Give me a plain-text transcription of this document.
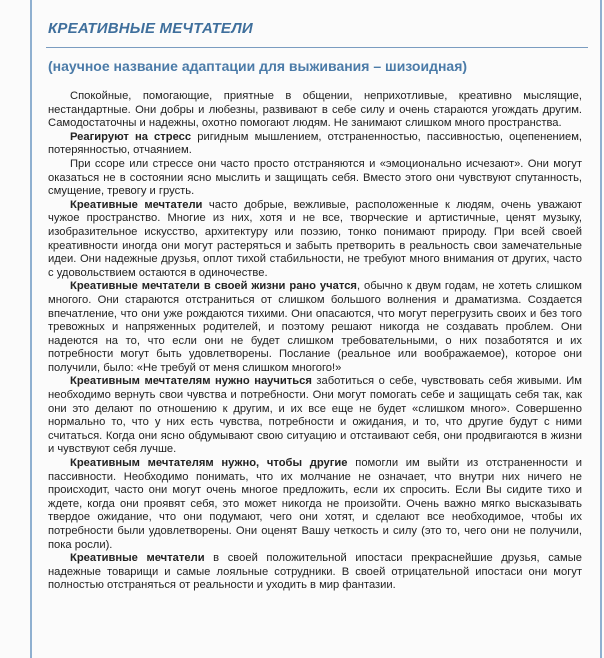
КРЕАТИВНЫЕ МЕЧТАТЕЛИ
(научное название адаптации для выживания – шизоидная)

Спокойные, помогающие, приятные в общении, неприхотливые, креативно мыслящие, нестандартные. Они добры и любезны, развивают в себе силу и очень стараются угождать другим. Самодостаточны и надежны, охотно помогают людям. Не занимают слишком много пространства.

Реагируют на стресс ригидным мышлением, отстраненностью, пассивностью, оцепенением, потерянностью, отчаянием.

При ссоре или стрессе они часто просто отстраняются и «эмоционально исчезают». Они могут оказаться не в состоянии ясно мыслить и защищать себя. Вместо этого они чувствуют спутанность, смущение, тревогу и грусть.

Креативные мечтатели часто добрые, вежливые, расположенные к людям, очень уважают чужое пространство. Многие из них, хотя и не все, творческие и артистичные, ценят музыку, изобразительное искусство, архитектуру или поэзию, тонко понимают природу. При всей своей креативности иногда они могут растеряться и забыть претворить в реальность свои замечательные идеи. Они надежные друзья, оплот тихой стабильности, не требуют много внимания от других, часто с удовольствием остаются в одиночестве.

Креативные мечтатели в своей жизни рано учатся, обычно к двум годам, не хотеть слишком многого. Они стараются отстраниться от слишком большого волнения и драматизма. Создается впечатление, что они уже рождаются тихими. Они опасаются, что могут перегрузить своих и без того тревожных и напряженных родителей, и поэтому решают никогда не создавать проблем. Они надеются на то, что если они не будет слишком требовательными, о них позаботятся и их потребности могут быть удовлетворены. Послание (реальное или воображаемое), которое они получили, было: «Не требуй от меня слишком многого!»

Креативным мечтателям нужно научиться заботиться о себе, чувствовать себя живыми. Им необходимо вернуть свои чувства и потребности. Они могут помогать себе и защищать себя так, как они это делают по отношению к другим, и их все еще не будет «слишком много». Совершенно нормально то, что у них есть чувства, потребности и ожидания, и то, что другие будут с ними считаться. Когда они ясно обдумывают свою ситуацию и отстаивают себя, они продвигаются в жизни и чувствуют себя лучше.

Креативным мечтателям нужно, чтобы другие помогли им выйти из отстраненности и пассивности. Необходимо понимать, что их молчание не означает, что внутри них ничего не происходит, часто они могут очень многое предложить, если их спросить. Если Вы сидите тихо и ждете, когда они проявят себя, это может никогда не произойти. Очень важно мягко высказывать твердое ожидание, что они подумают, чего они хотят, и сделают все необходимое, чтобы их потребности были удовлетворены. Они оценят Вашу четкость и силу (это то, чего они не получили, пока росли).

Креативные мечтатели в своей положительной ипостаси прекраснейшие друзья, самые надежные товарищи и самые лояльные сотрудники. В своей отрицательной ипостаси они могут полностью отстраняться от реальности и уходить в мир фантазии.
